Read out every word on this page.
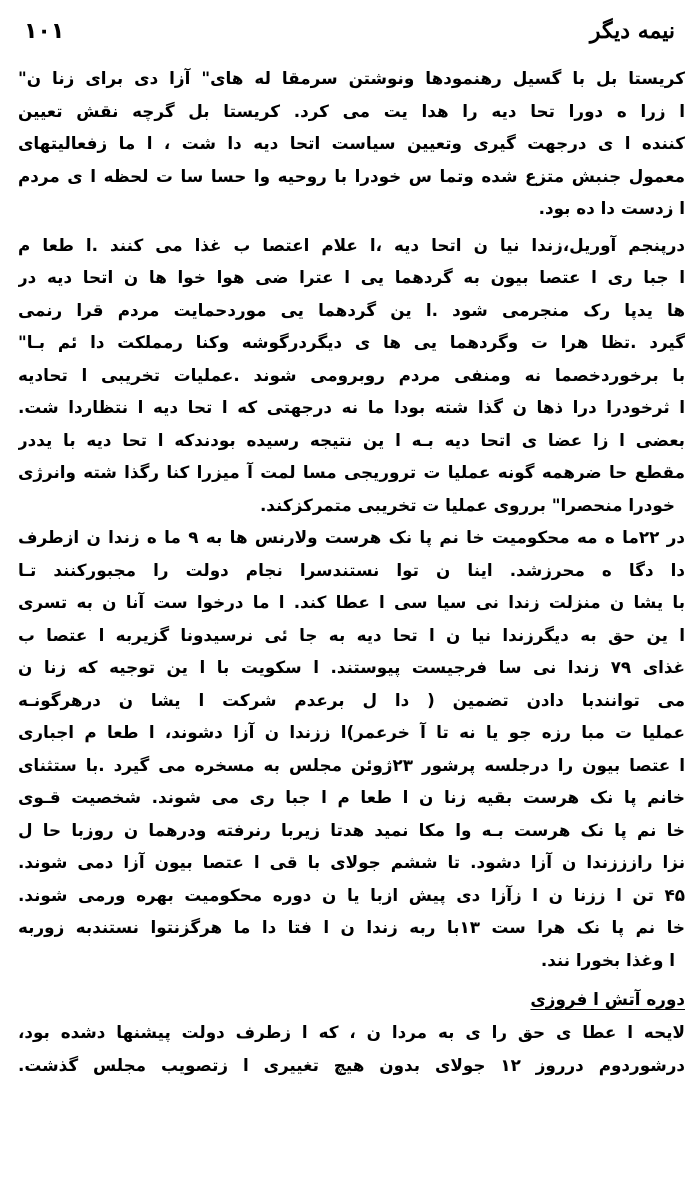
نیمه دیگر
۱۰۱
کریستا بل با گسیل رهنمودها ونوشتن سرمقا له های" آزا دی برای زنا ن"
ا زرا ه دورا تحا دیه را هدا یت می کرد. کریستا بل گرچه نقش تعیین
کننده ا ی درجهت گیری وتعیین سیاست اتحا دیه دا شت ، ا ما زفعالیتهای
معمول جنبش متزع شده وتما س خودرا با روحیه وا حسا سا ت لحظه ا ی مردم
ا زدست دا ده بود.
درپنجم آوریل،زندا نیا ن اتحا دیه ،ا علام اعتصا ب غذا می کنند .ا طعا م
ا جبا ری ا عتصا بیون به گردهما یی ا عترا ضی هوا خوا ها ن اتحا دیه در
ها یدپا رک منجرمی شود .ا ین گردهما یی موردحمایت مردم قرا رنمی
گیرد .تظا هرا ت وگردهما یی ها ی دیگردرگوشه وکنا رمملکت دا ئم بـا"
با برخوردخصما نه ومنفی مردم روبرومی شوند .عملیات تخریبی ا تحادیه
ا ثرخودرا درا ذها ن گذا شته بودا ما نه درجهتی که ا تحا دیه ا نتظاردا شت.
بعضی ا زا عضا ی اتحا دیه بـه ا ین نتیجه رسیده بودندکه ا تحا دیه با یددر
مقطع حا ضرهمه گونه عملیا ت تروریجی مسا لمت آ میزرا کنا رگذا شته وانرژی
خودرا منحصرا" برروی عملیا ت تخریبی متمرکزکند.
در ۲۲ما ه مه محکومیت خا نم پا نک هرست ولارنس ها به ۹ ما ه زندا ن ازطرف
دا دگا ه محرزشد. اینا ن توا نستندسرا نجام دولت را مجبورکنند تـا
با یشا ن منزلت زندا نی سیا سی ا عطا کند. ا ما درخوا ست آنا ن به تسری
ا ین حق به دیگرزندا نیا ن ا تحا دیه به جا ئی نرسیدونا گزیربه ا عتصا ب
غذای ۷۹ زندا نی سا فرجیست پیوستند. ا سکویت با ا ین توجیه که زنا ن
می توانندبا دادن تضمین ( دا ل برعدم شرکت ا یشا ن درهرگونـه
عملیا ت مبا رزه جو یا نه تا آ خرعمر)ا ززندا ن آزا دشوند، ا طعا م اجباری
ا عتصا بیون را درجلسه پرشور ۲۳ژوئن مجلس به مسخره می گیرد .با ستثنای
خانم پا نک هرست بقیه زنا ن ا طعا م ا جبا ری می شوند. شخصیت قـوی
خا نم پا نک هرست بـه وا مکا نمید هدتا زیربا رنرفته ودرهما ن روزبا حا ل
نزا رازززندا ن آزا دشود. تا ششم جولای با قی ا عتصا بیون آزا دمی شوند.
۴۵ تن ا ززنا ن ا زآزا دی پیش ازبا یا ن دوره محکومیت بهره ورمی شوند.
خا نم پا نک هرا ست ۱۳با ربه زندا ن ا فتا دا ما هرگزنتوا نستندبه زوربه
ا وغذا بخورا نند.
دوره آتش ا فروزی
لایحه ا عطا ی حق را ی به مردا ن ، که ا زطرف دولت پیشنها دشده بود،
درشوردوم درروز ۱۲ جولای بدون هیچ تغییری ا زتصویب مجلس گذشت.
